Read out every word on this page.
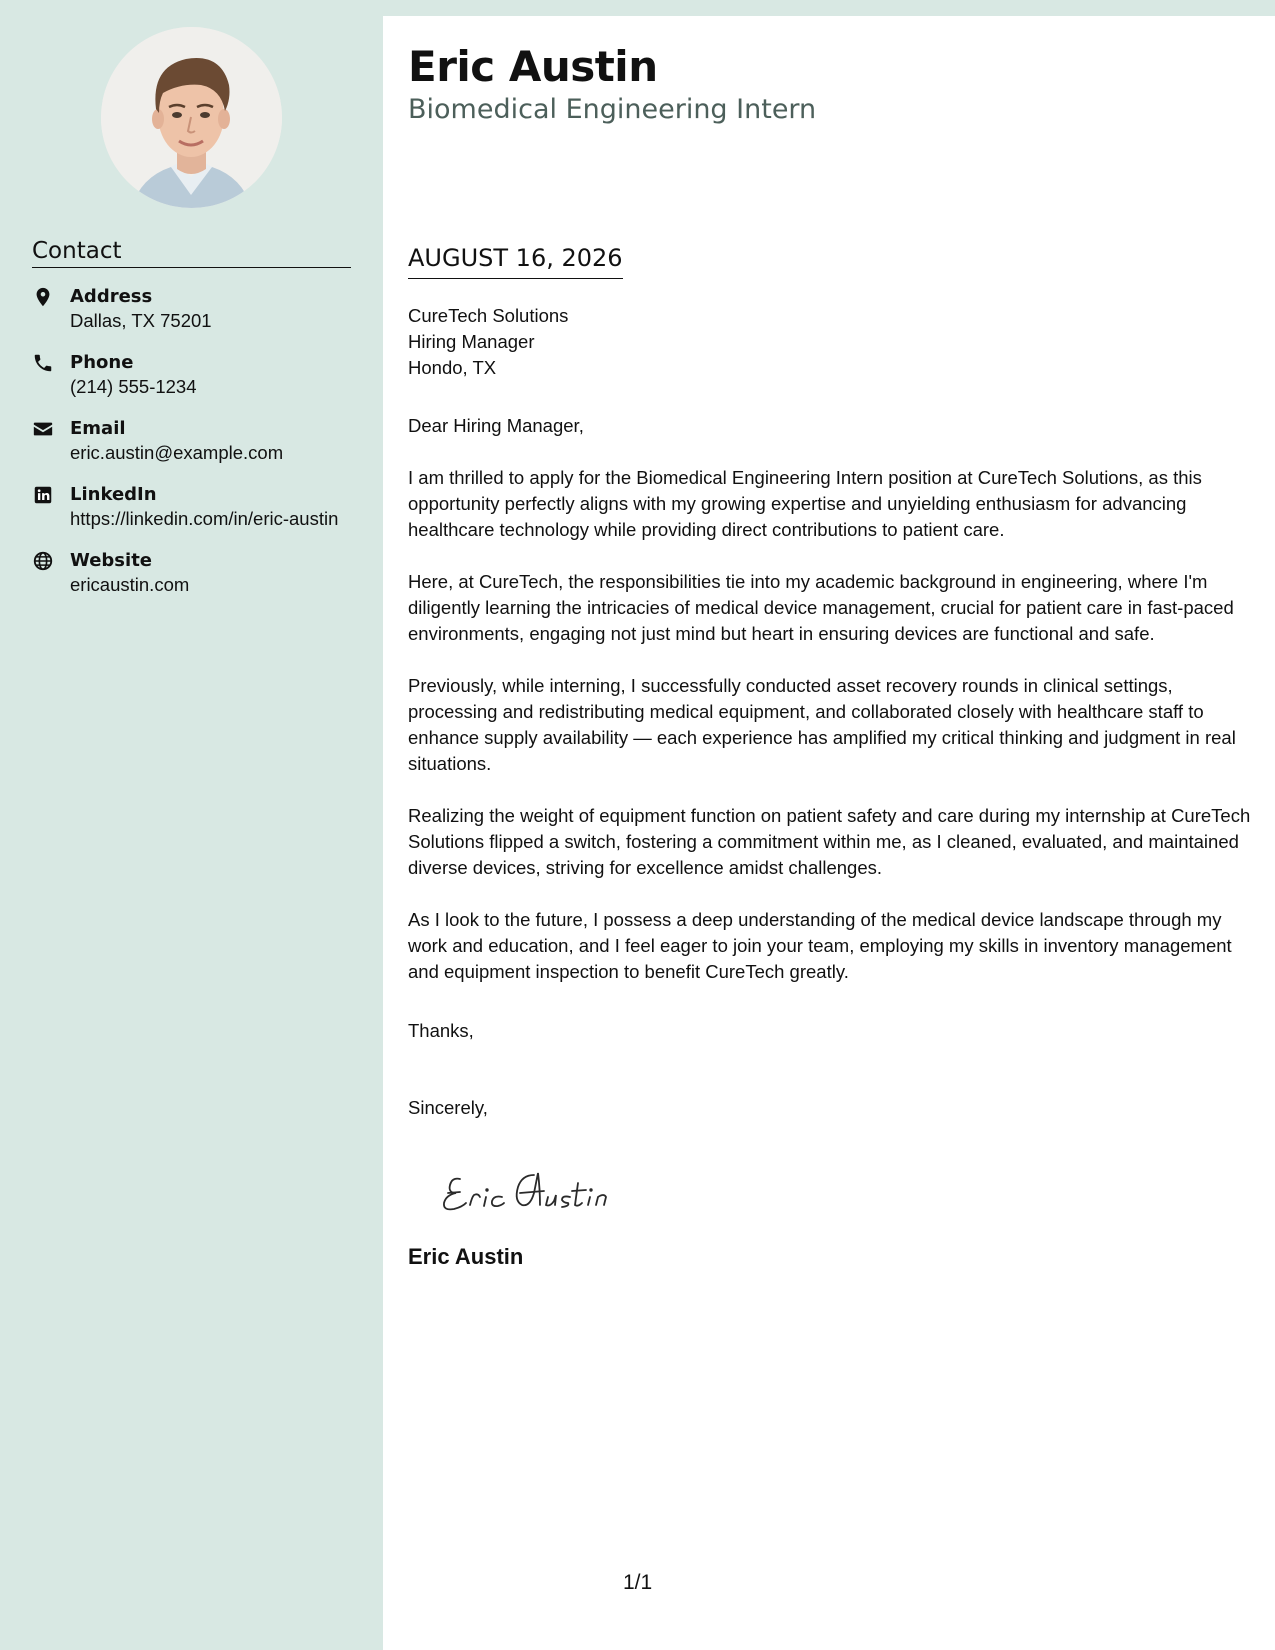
Contact
Address
Dallas, TX 75201
Phone
(214) 555-1234
Email
eric.austin@example.com
LinkedIn
https://linkedin.com/in/eric-austin
Website
ericaustin.com
Eric Austin
Biomedical Engineering Intern
AUGUST 16, 2026
CureTech Solutions
Hiring Manager
Hondo, TX

Dear Hiring Manager,

I am thrilled to apply for the Biomedical Engineering Intern position at CureTech Solutions, as this opportunity perfectly aligns with my growing expertise and unyielding enthusiasm for advancing healthcare technology while providing direct contributions to patient care.

Here, at CureTech, the responsibilities tie into my academic background in engineering, where I'm diligently learning the intricacies of medical device management, crucial for patient care in fast-paced environments, engaging not just mind but heart in ensuring devices are functional and safe.

Previously, while interning, I successfully conducted asset recovery rounds in clinical settings, processing and redistributing medical equipment, and collaborated closely with healthcare staff to enhance supply availability — each experience has amplified my critical thinking and judgment in real situations.

Realizing the weight of equipment function on patient safety and care during my internship at CureTech Solutions flipped a switch, fostering a commitment within me, as I cleaned, evaluated, and maintained diverse devices, striving for excellence amidst challenges.

As I look to the future, I possess a deep understanding of the medical device landscape through my work and education, and I feel eager to join your team, employing my skills in inventory management and equipment inspection to benefit CureTech greatly.

Thanks,
Sincerely,
Eric Austin
1/1
